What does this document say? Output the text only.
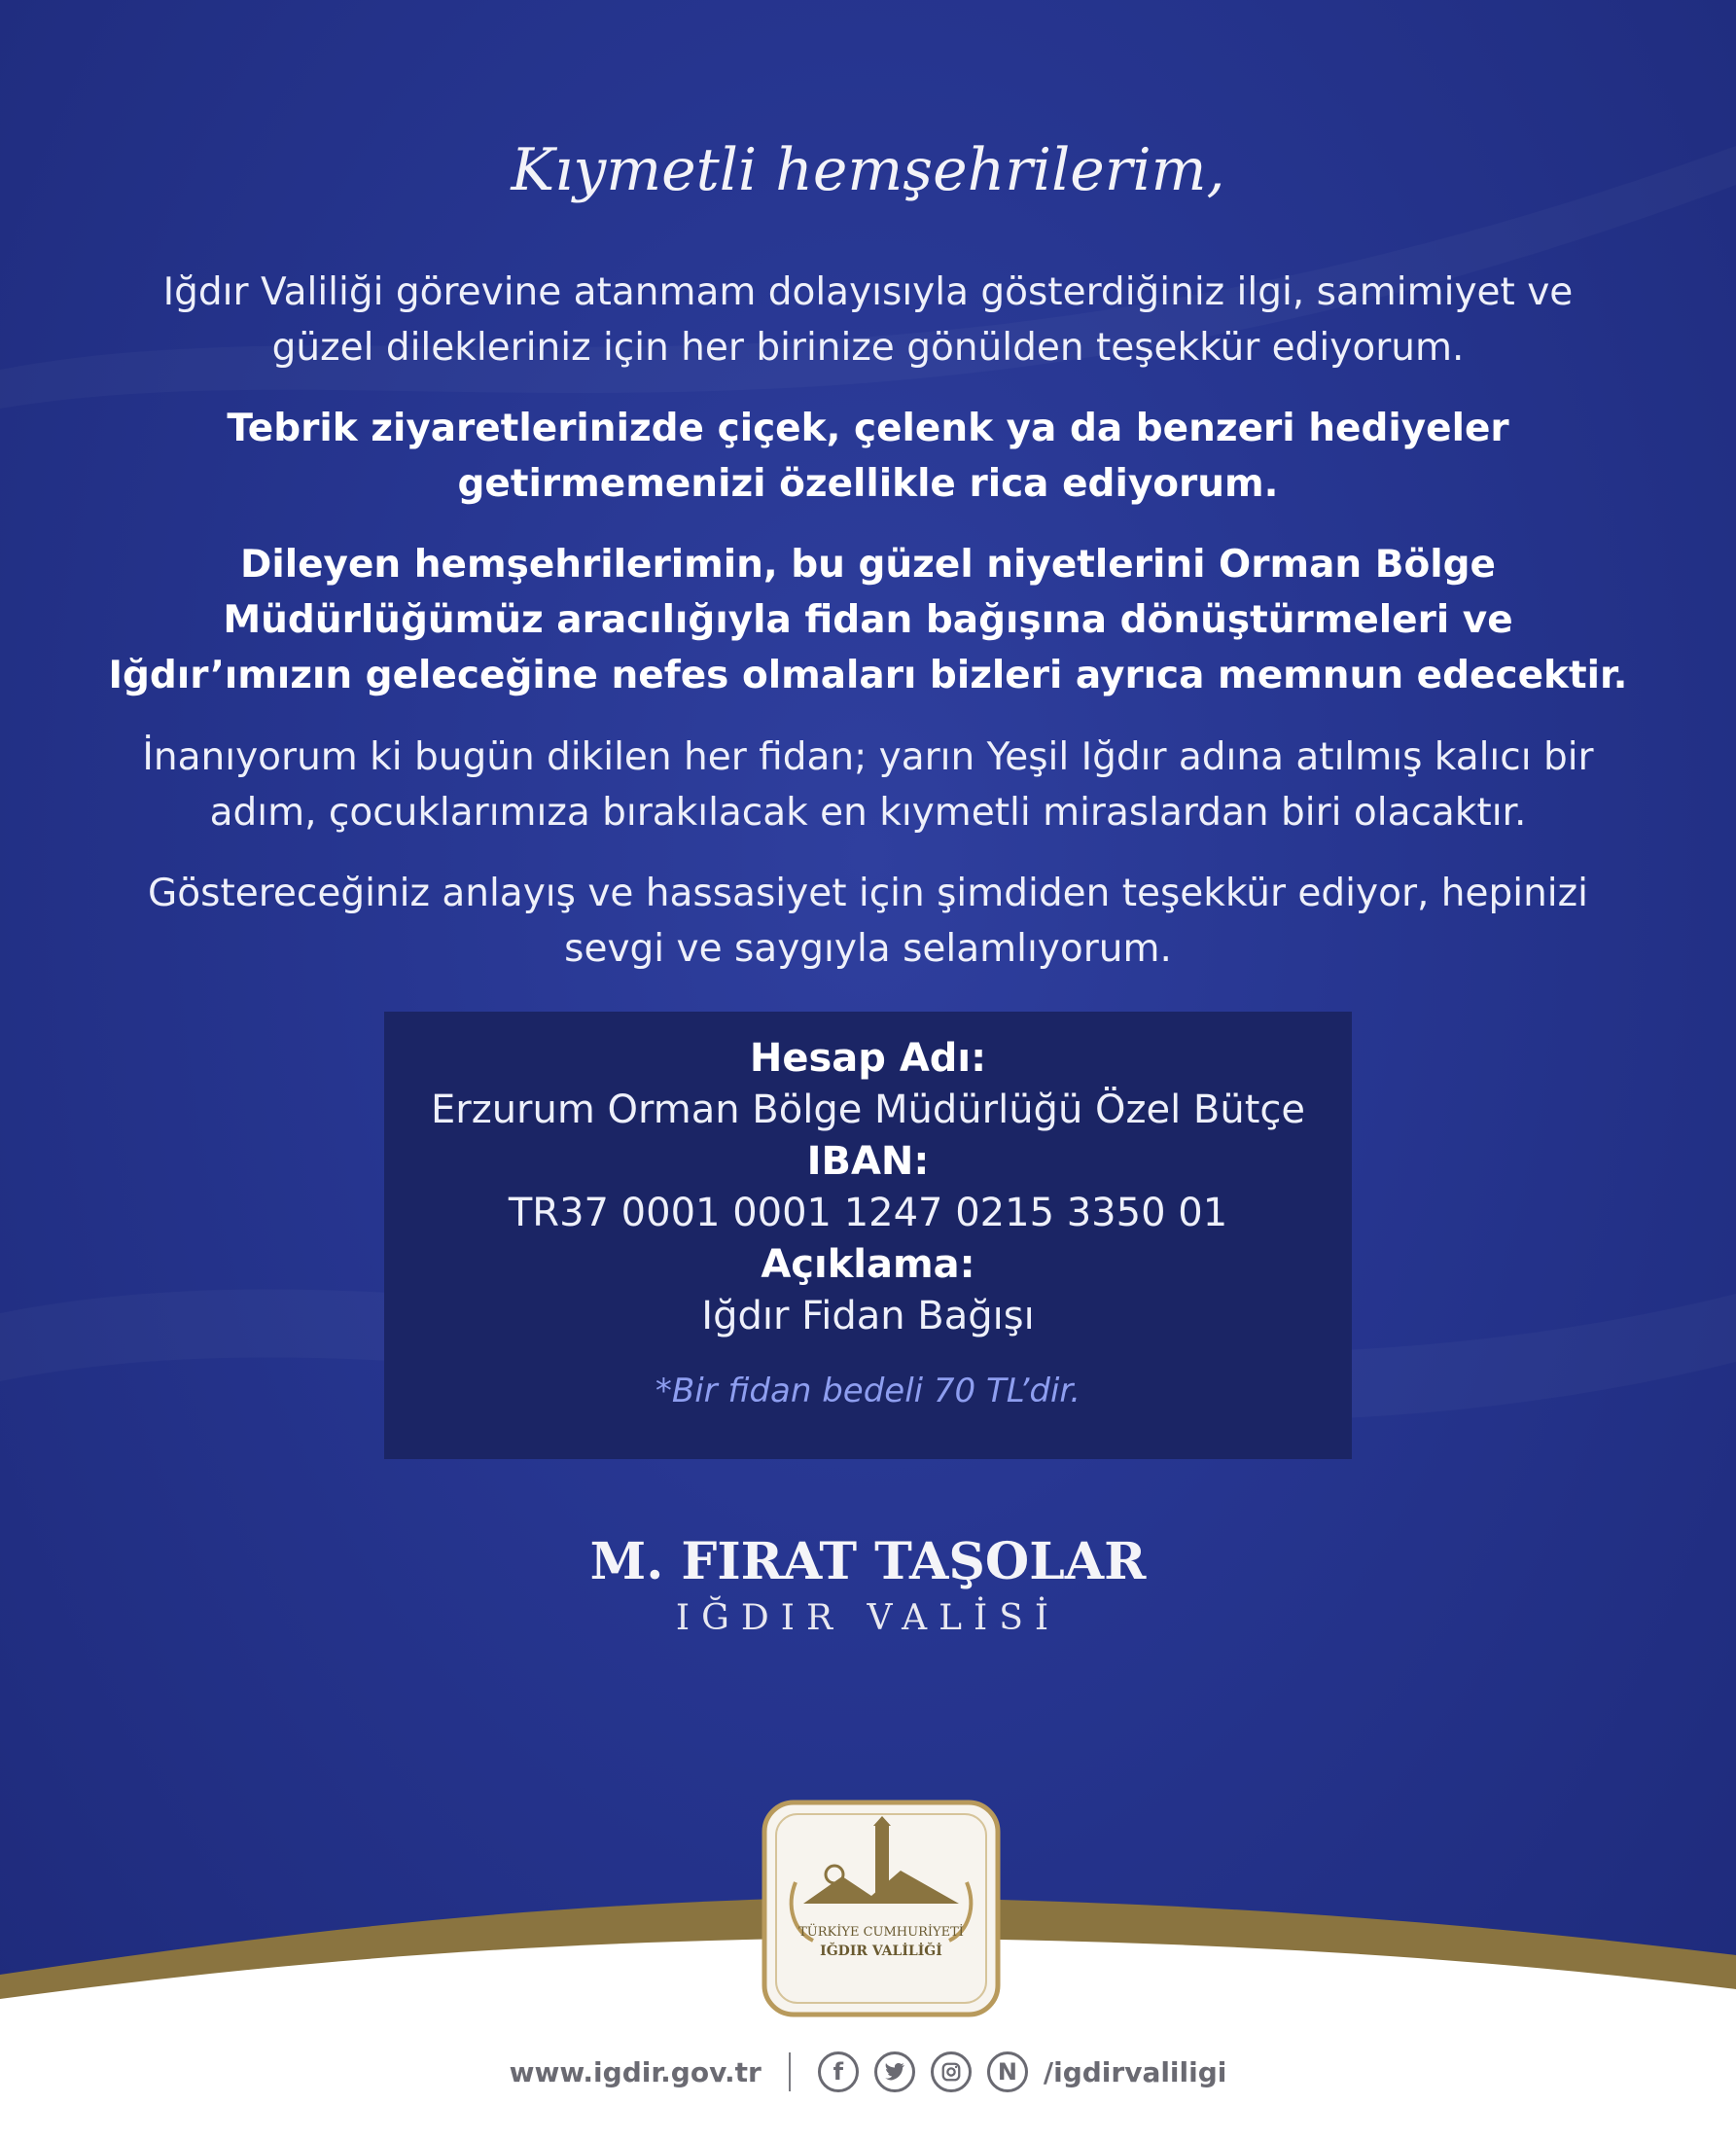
Kıymetli hemşehrilerim,
Iğdır Valiliği görevine atanmam dolayısıyla gösterdiğiniz ilgi, samimiyet ve güzel dilekleriniz için her birinize gönülden teşekkür ediyorum.
Tebrik ziyaretlerinizde çiçek, çelenk ya da benzeri hediyeler getirmemenizi özellikle rica ediyorum.
Dileyen hemşehrilerimin, bu güzel niyetlerini Orman Bölge Müdürlüğümüz aracılığıyla fidan bağışına dönüştürmeleri ve Iğdır’ımızın geleceğine nefes olmaları bizleri ayrıca memnun edecektir.
İnanıyorum ki bugün dikilen her fidan; yarın Yeşil Iğdır adına atılmış kalıcı bir adım, çocuklarımıza bırakılacak en kıymetli miraslardan biri olacaktır.
Göstereceğiniz anlayış ve hassasiyet için şimdiden teşekkür ediyor, hepinizi sevgi ve saygıyla selamlıyorum.
Hesap Adı:
Erzurum Orman Bölge Müdürlüğü Özel Bütçe
IBAN:
TR37 0001 0001 1247 0215 3350 01
Açıklama:
Iğdır Fidan Bağışı
*Bir fidan bedeli 70 TL’dir.
M. FIRAT TAŞOLAR
IĞDIR VALİSİ
TÜRKİYE CUMHURİYETİ
IĞDIR VALİLİĞİ
www.igdir.gov.tr	f	N /igdirvaliligi
